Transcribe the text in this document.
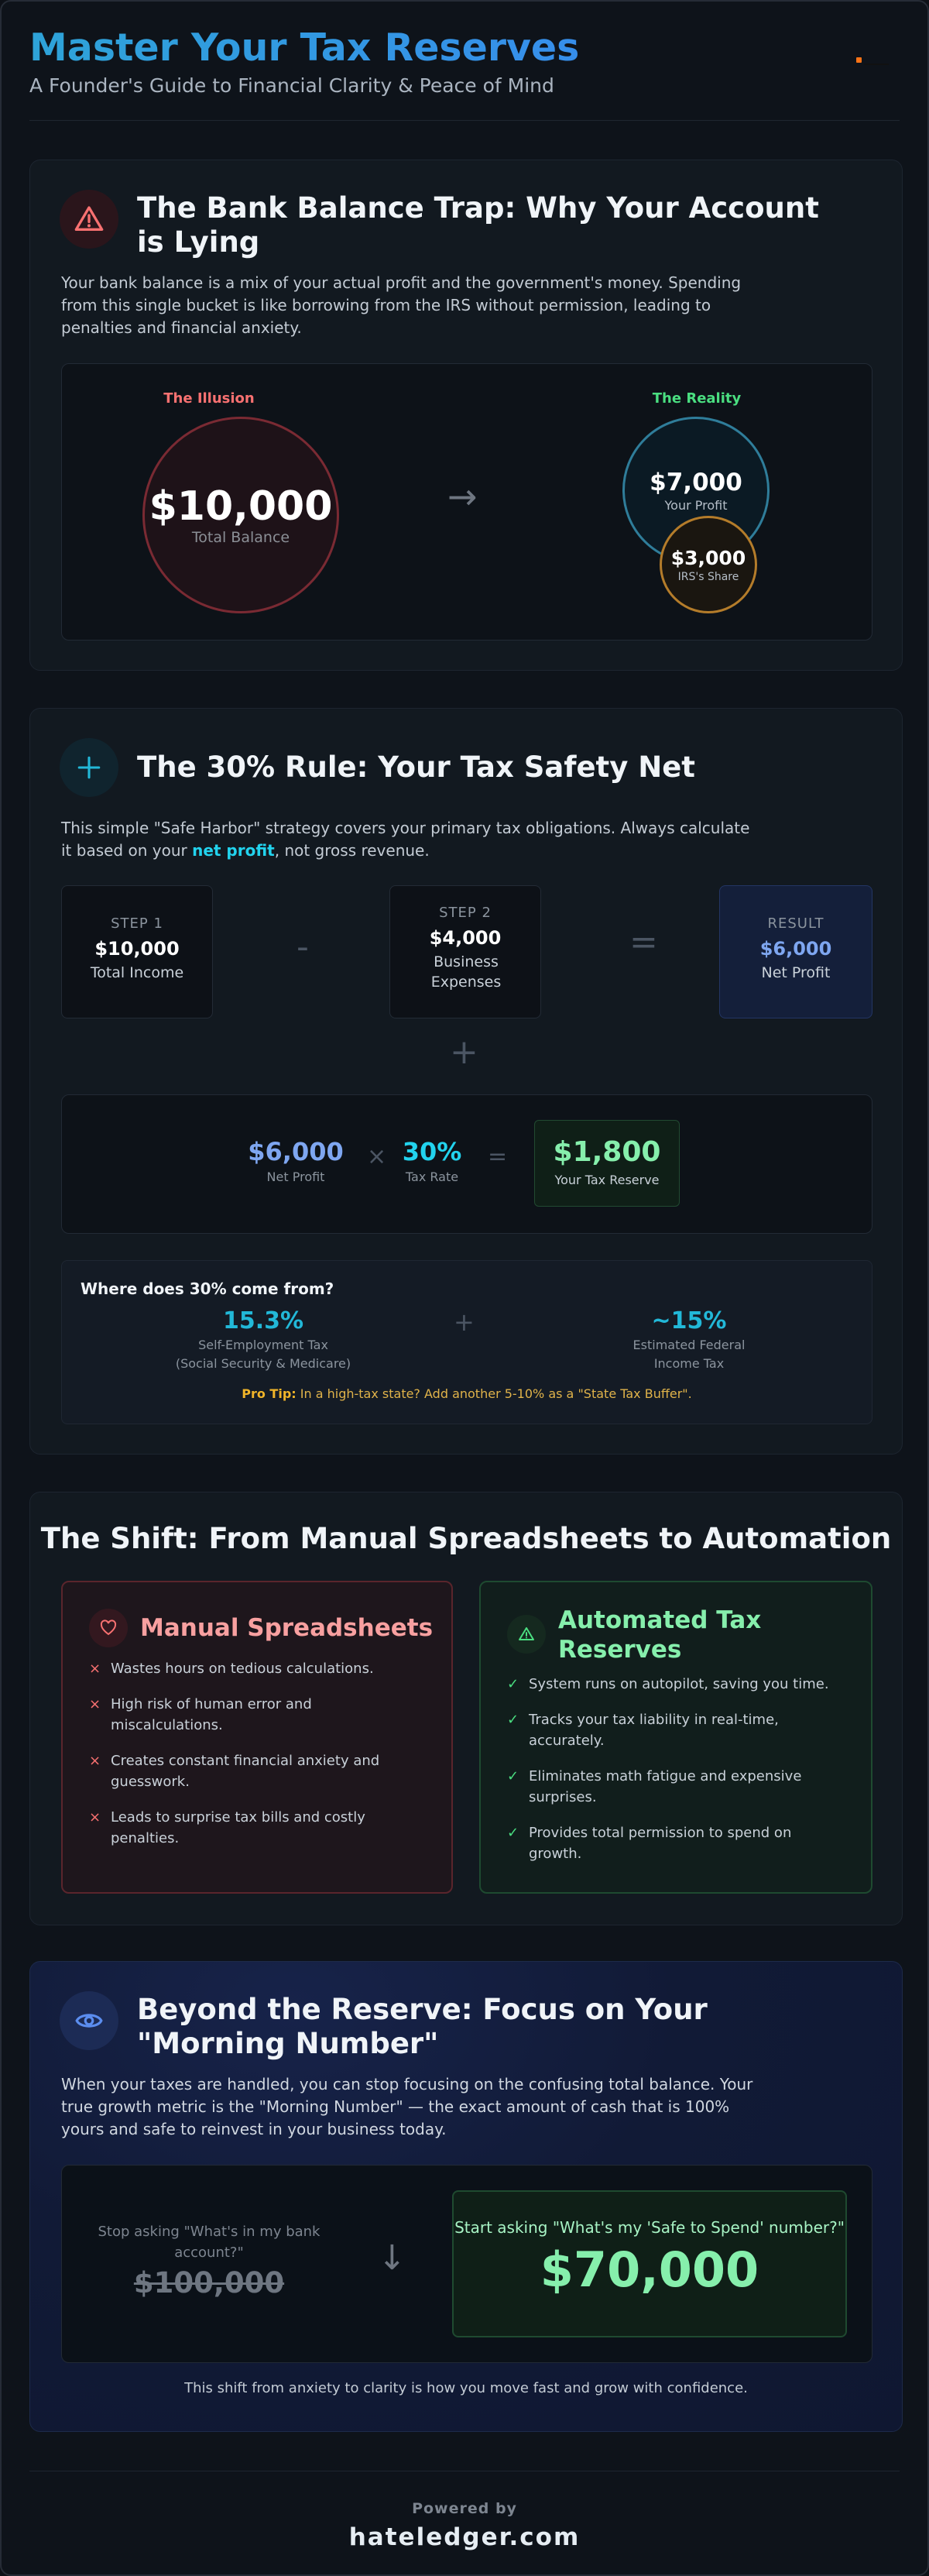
Master Your Tax Reserves
A Founder's Guide to Financial Clarity & Peace of Mind
The Bank Balance Trap: Why Your Account is Lying
Your bank balance is a mix of your actual profit and the government's money. Spending from this single bucket is like borrowing from the IRS without permission, leading to penalties and financial anxiety.
The Illusion
$10,000
Total Balance
→
The Reality
$7,000
Your Profit
$3,000
IRS's Share
The 30% Rule: Your Tax Safety Net
This simple "Safe Harbor" strategy covers your primary tax obligations. Always calculate it based on your net profit, not gross revenue.
STEP 1
$10,000
Total Income
-
STEP 2
$4,000
Business Expenses
=	RESULT
$6,000
Net Profit
+
$6,000
Net Profit
× 30%
Tax Rate
=	$1,800
Your Tax Reserve
Where does 30% come from?
15.3%
Self-Employment Tax
(Social Security & Medicare)
+	~15%
Estimated Federal
Income Tax
Pro Tip: In a high-tax state? Add another 5-10% as a "State Tax Buffer".
The Shift: From Manual Spreadsheets to Automation
Manual Spreadsheets
× Wastes hours on tedious calculations.
× High risk of human error and miscalculations.
× Creates constant financial anxiety and guesswork.
× Leads to surprise tax bills and costly penalties.
Automated Tax Reserves
✓ System runs on autopilot, saving you time.
✓ Tracks your tax liability in real-time, accurately.
✓ Eliminates math fatigue and expensive surprises.
✓ Provides total permission to spend on growth.
Beyond the Reserve: Focus on Your "Morning Number"
When your taxes are handled, you can stop focusing on the confusing total balance. Your true growth metric is the "Morning Number" — the exact amount of cash that is 100% yours and safe to reinvest in your business today.
Stop asking "What's in my bank account?"
$100,000
↓
Start asking "What's my 'Safe to Spend' number?"
$70,000
This shift from anxiety to clarity is how you move fast and grow with confidence.
Powered by
hateledger.com
